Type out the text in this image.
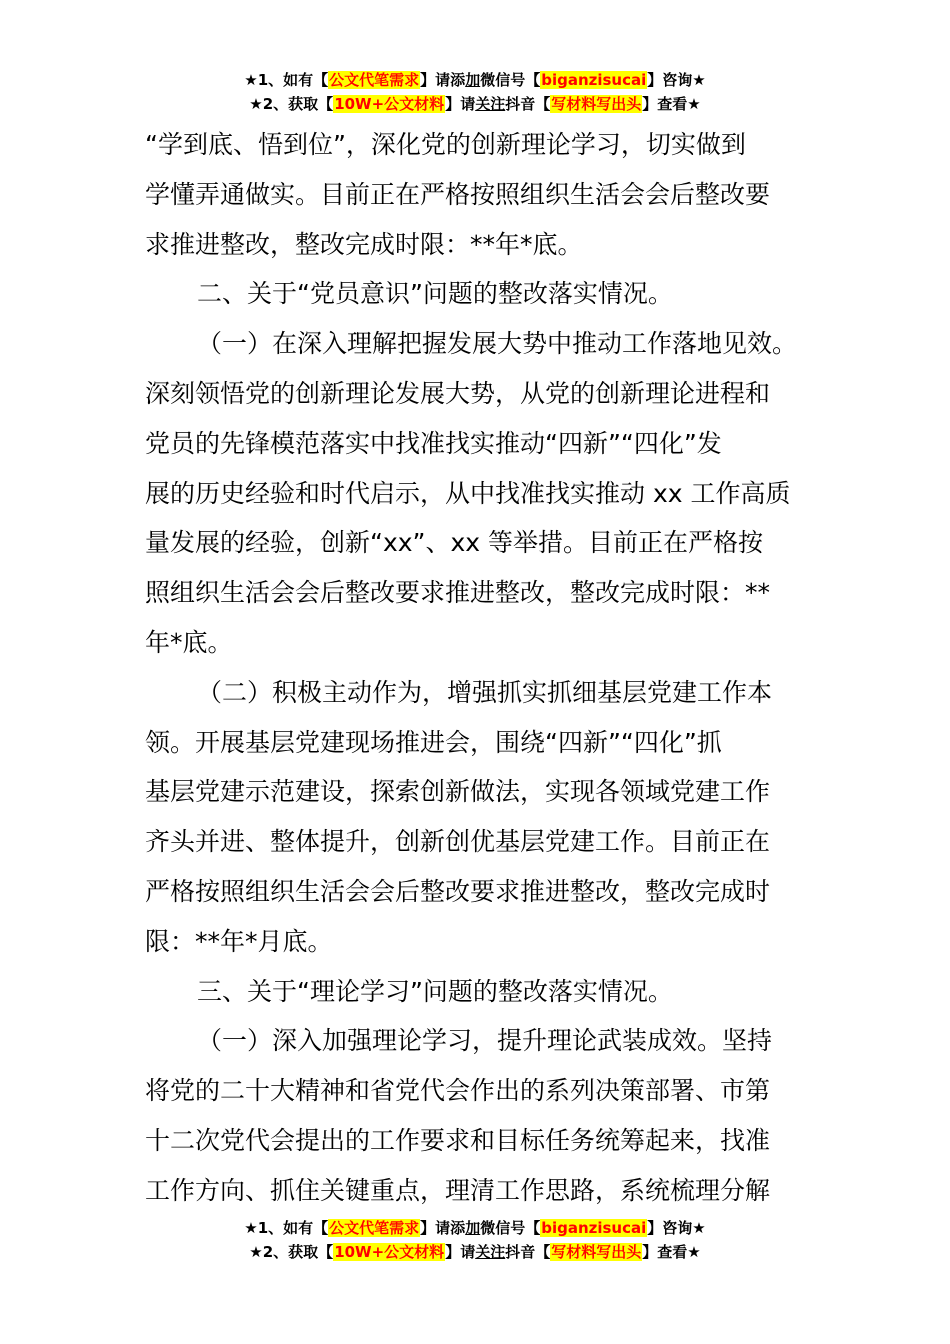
★1、如有【公文代笔需求】请添加微信号【biganzisucai】咨询★
★2、获取【10W+公文材料】请关注抖音【写材料写出头】查看★
“学到底、悟到位”，深化党的创新理论学习，切实做到
学懂弄通做实。目前正在严格按照组织生活会会后整改要
求推进整改，整改完成时限：**年*底。
二、关于“党员意识”问题的整改落实情况。
（一）在深入理解把握发展大势中推动工作落地见效。
深刻领悟党的创新理论发展大势，从党的创新理论进程和
党员的先锋模范落实中找准找实推动“四新”“四化”发
展的历史经验和时代启示，从中找准找实推动 xx 工作高质
量发展的经验，创新“xx”、xx 等举措。目前正在严格按
照组织生活会会后整改要求推进整改，整改完成时限：**
年*底。
（二）积极主动作为，增强抓实抓细基层党建工作本
领。开展基层党建现场推进会，围绕“四新”“四化”抓
基层党建示范建设，探索创新做法，实现各领域党建工作
齐头并进、整体提升，创新创优基层党建工作。目前正在
严格按照组织生活会会后整改要求推进整改，整改完成时
限：**年*月底。
三、关于“理论学习”问题的整改落实情况。
（一）深入加强理论学习，提升理论武装成效。坚持
将党的二十大精神和省党代会作出的系列决策部署、市第
十二次党代会提出的工作要求和目标任务统筹起来，找准
工作方向、抓住关键重点，理清工作思路，系统梳理分解
★1、如有【公文代笔需求】请添加微信号【biganzisucai】咨询★
★2、获取【10W+公文材料】请关注抖音【写材料写出头】查看★
